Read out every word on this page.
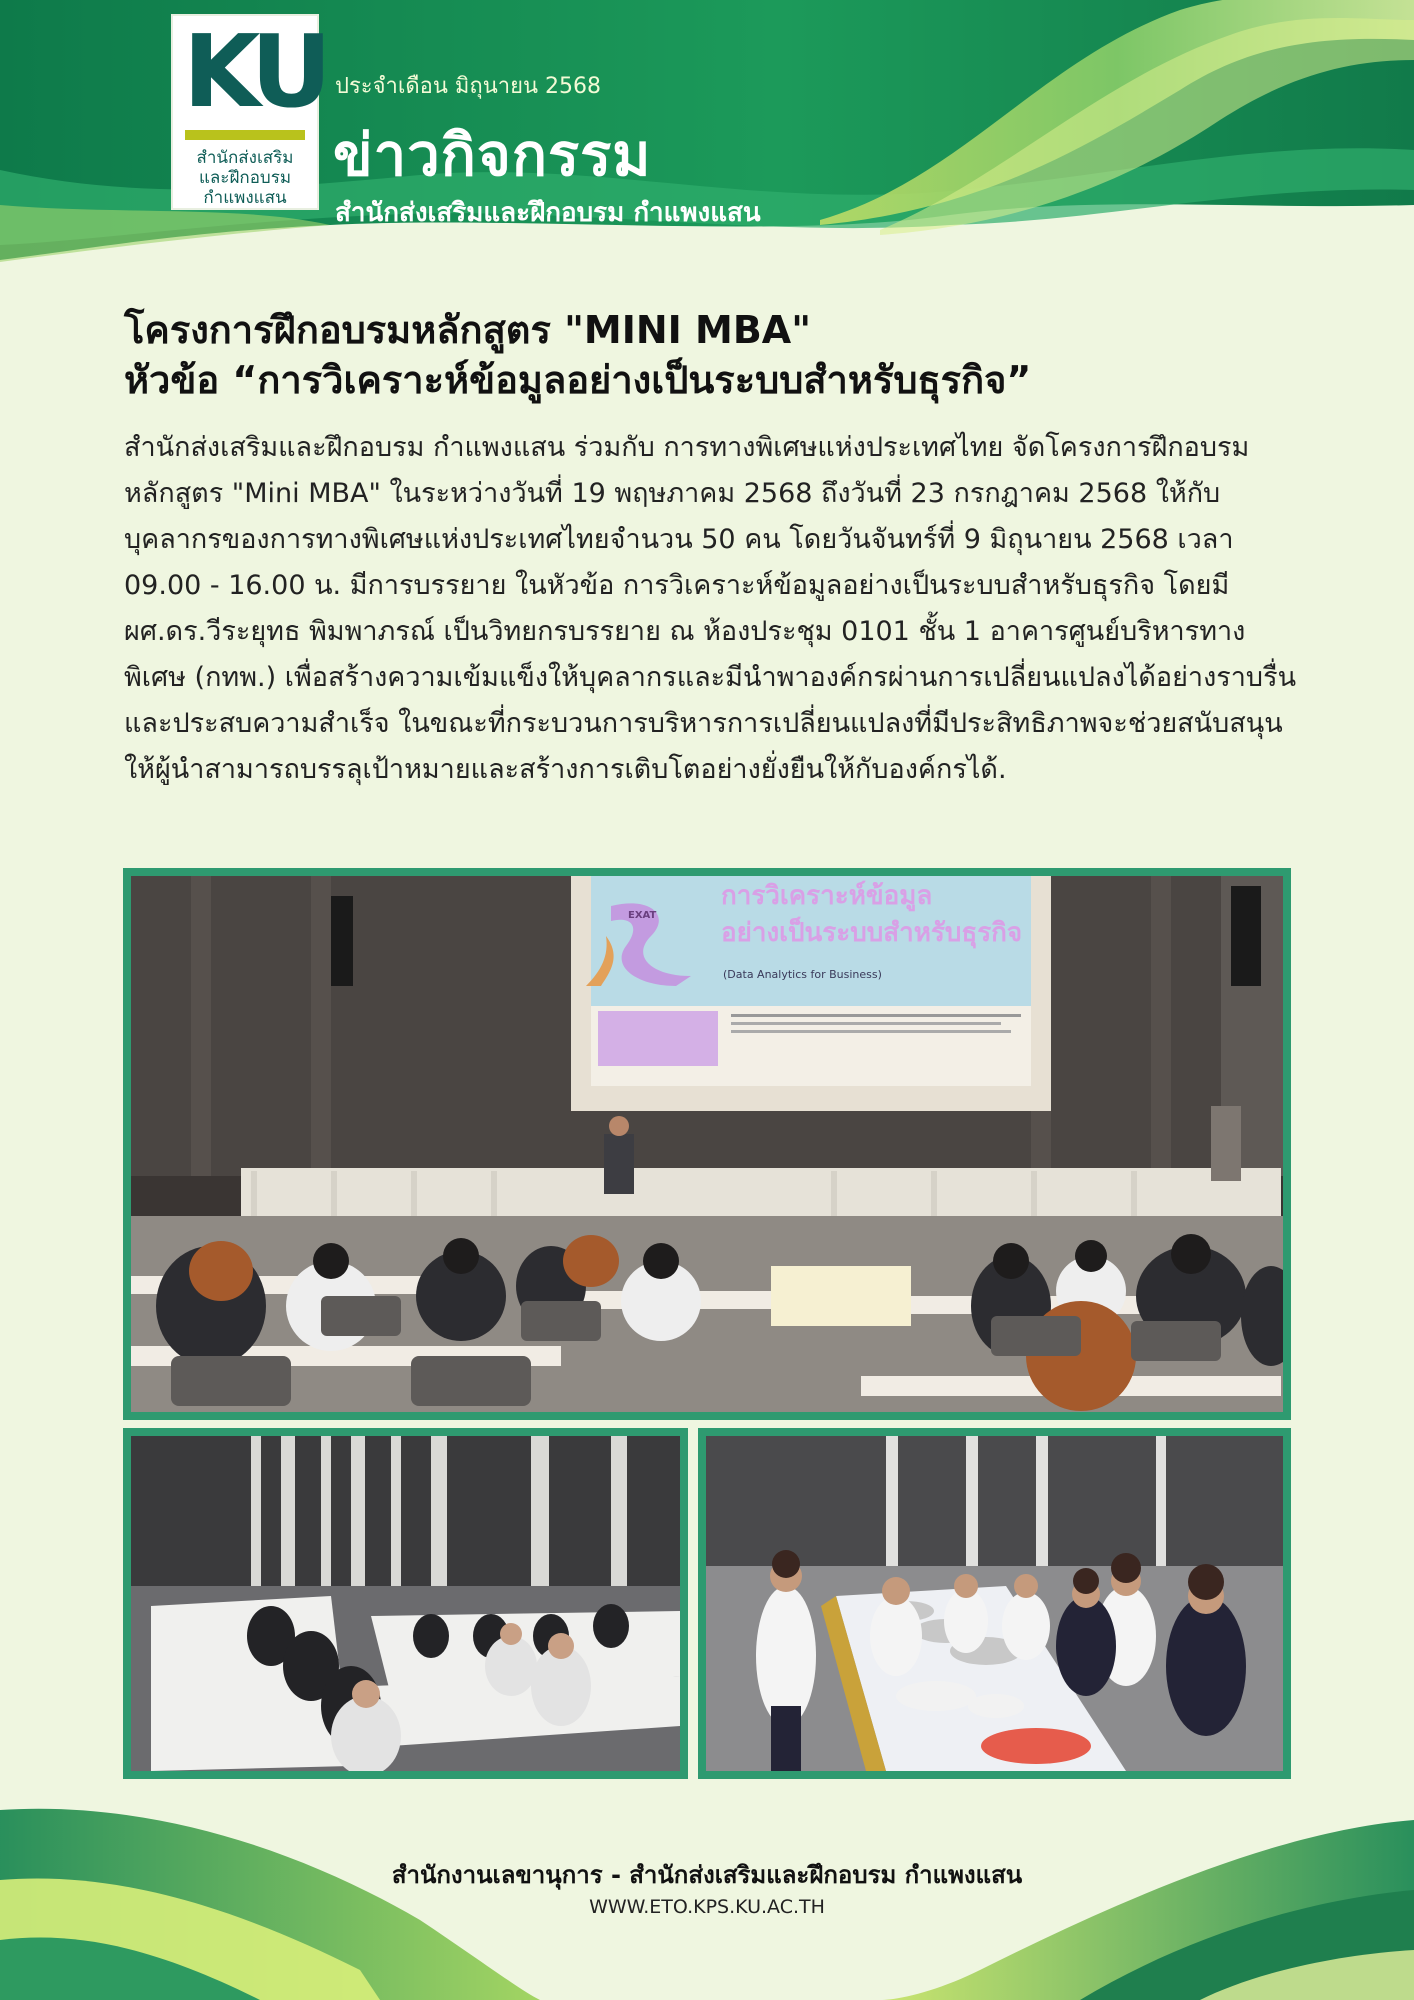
KU
สำนักส่งเสริม
และฝึกอบรม
กำแพงแสน
ประจำเดือน มิถุนายน 2568
ข่าวกิจกรรม
สำนักส่งเสริมและฝึกอบรม กำแพงแสน
โครงการฝึกอบรมหลักสูตร "MINI MBA"
หัวข้อ “การวิเคราะห์ข้อมูลอย่างเป็นระบบสำหรับธุรกิจ”
สำนักส่งเสริมและฝึกอบรม กำแพงแสน ร่วมกับ การทางพิเศษแห่งประเทศไทย จัดโครงการฝึกอบรมหลักสูตร "Mini MBA" ในระหว่างวันที่ 19 พฤษภาคม 2568 ถึงวันที่ 23 กรกฎาคม 2568 ให้กับบุคลากรของการทางพิเศษแห่งประเทศไทยจำนวน 50 คน โดยวันจันทร์ที่ 9 มิถุนายน 2568 เวลา 09.00 - 16.00 น. มีการบรรยาย ในหัวข้อ การวิเคราะห์ข้อมูลอย่างเป็นระบบสำหรับธุรกิจ โดยมี ผศ.ดร.วีระยุทธ พิมพาภรณ์ เป็นวิทยกรบรรยาย ณ ห้องประชุม 0101 ชั้น 1 อาคารศูนย์บริหารทางพิเศษ (กทพ.) เพื่อสร้างความเข้มแข็งให้บุคลากรและมีนำพาองค์กรผ่านการเปลี่ยนแปลงได้อย่างราบรื่นและประสบความสำเร็จ ในขณะที่กระบวนการบริหารการเปลี่ยนแปลงที่มีประสิทธิภาพจะช่วยสนับสนุนให้ผู้นำสามารถบรรลุเป้าหมายและสร้างการเติบโตอย่างยั่งยืนให้กับองค์กรได้.
EXAT
การวิเคราะห์ข้อมูล
อย่างเป็นระบบสำหรับธุรกิจ
(Data Analytics for Business)
สำนักงานเลขานุการ - สำนักส่งเสริมและฝึกอบรม กำแพงแสน
WWW.ETO.KPS.KU.AC.TH
